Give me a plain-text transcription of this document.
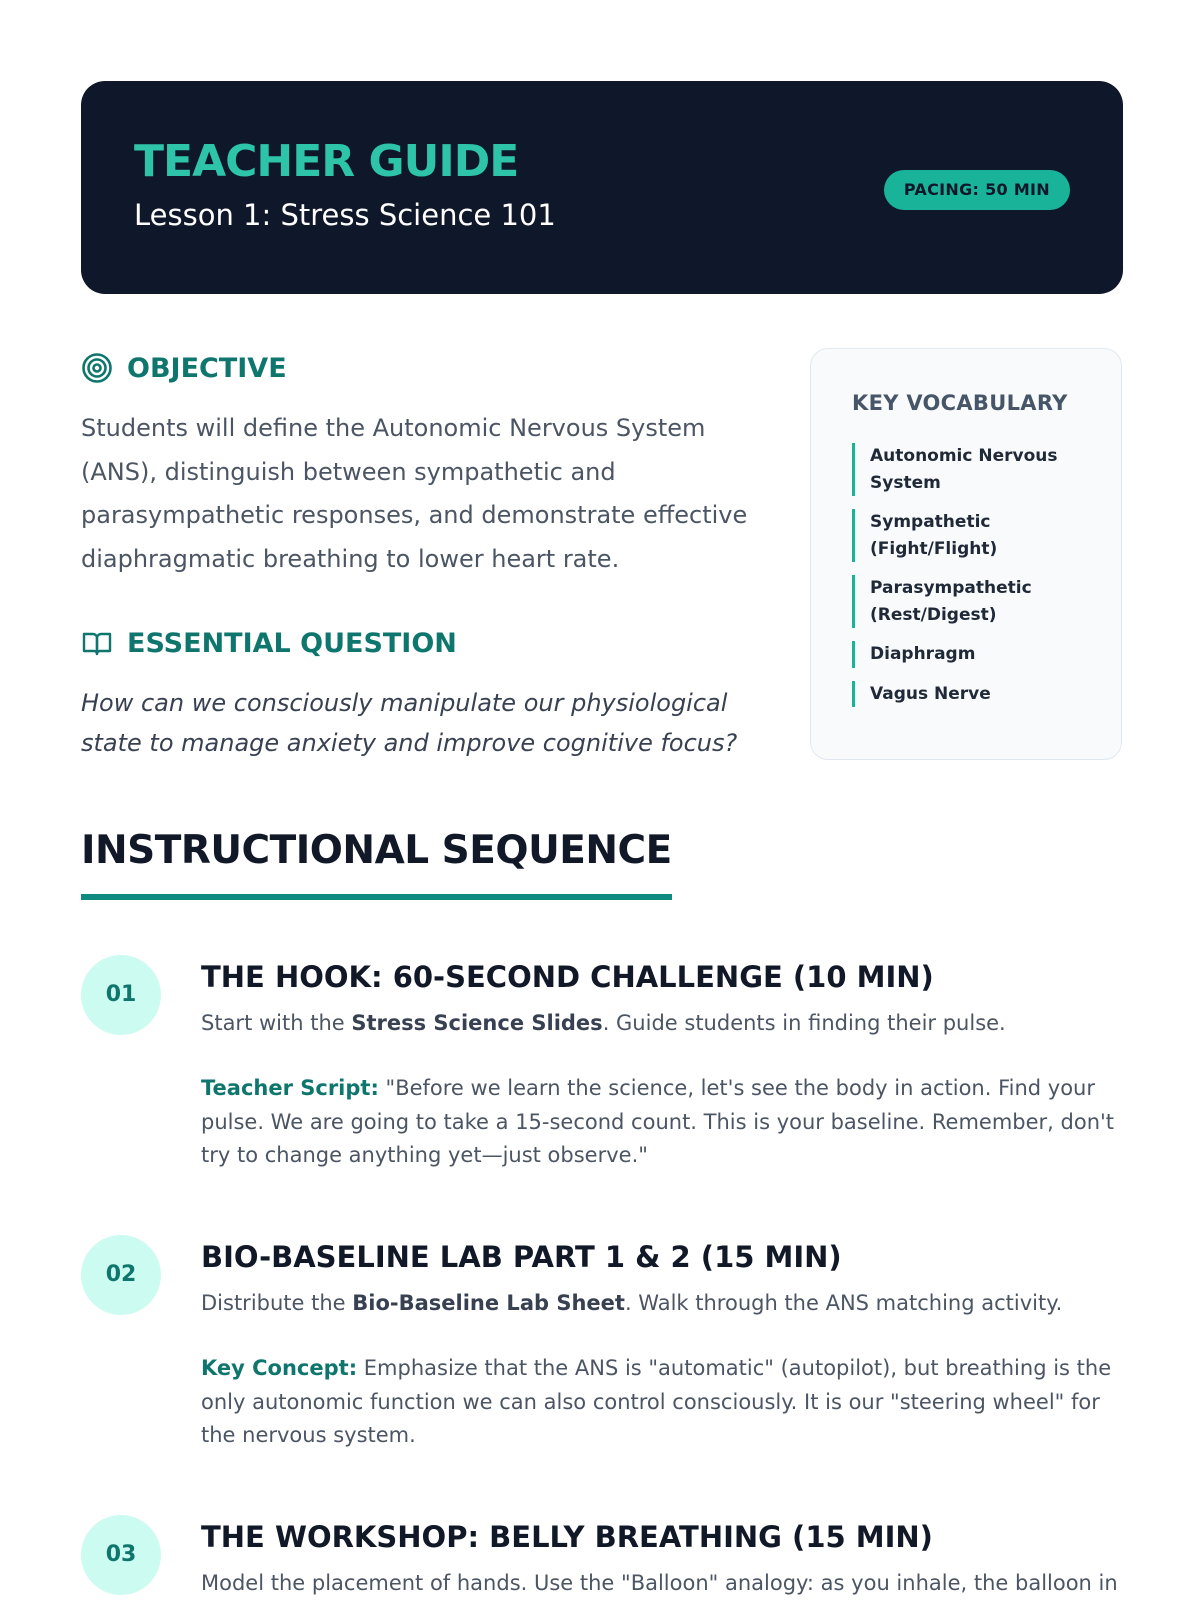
TEACHER GUIDE
Lesson 1: Stress Science 101
PACING: 50 MIN
OBJECTIVE

Students will define the Autonomic Nervous System (ANS), distinguish between sympathetic and parasympathetic responses, and demonstrate effective diaphragmatic breathing to lower heart rate.

ESSENTIAL QUESTION

How can we consciously manipulate our physiological state to manage anxiety and improve cognitive focus?

KEY VOCABULARY
Autonomic Nervous System
Sympathetic (Fight/Flight)
Parasympathetic (Rest/Digest)
Diaphragm
Vagus Nerve
INSTRUCTIONAL SEQUENCE
01
THE HOOK: 60-SECOND CHALLENGE (10 MIN)

Start with the Stress Science Slides. Guide students in finding their pulse.

Teacher Script: "Before we learn the science, let's see the body in action. Find your pulse. We are going to take a 15-second count. This is your baseline. Remember, don't try to change anything yet—just observe."

02
BIO-BASELINE LAB PART 1 & 2 (15 MIN)

Distribute the Bio-Baseline Lab Sheet. Walk through the ANS matching activity.

Key Concept: Emphasize that the ANS is "automatic" (autopilot), but breathing is the only autonomic function we can also control consciously. It is our "steering wheel" for the nervous system.

03
THE WORKSHOP: BELLY BREATHING (15 MIN)

Model the placement of hands. Use the "Balloon" analogy: as you inhale, the balloon in
